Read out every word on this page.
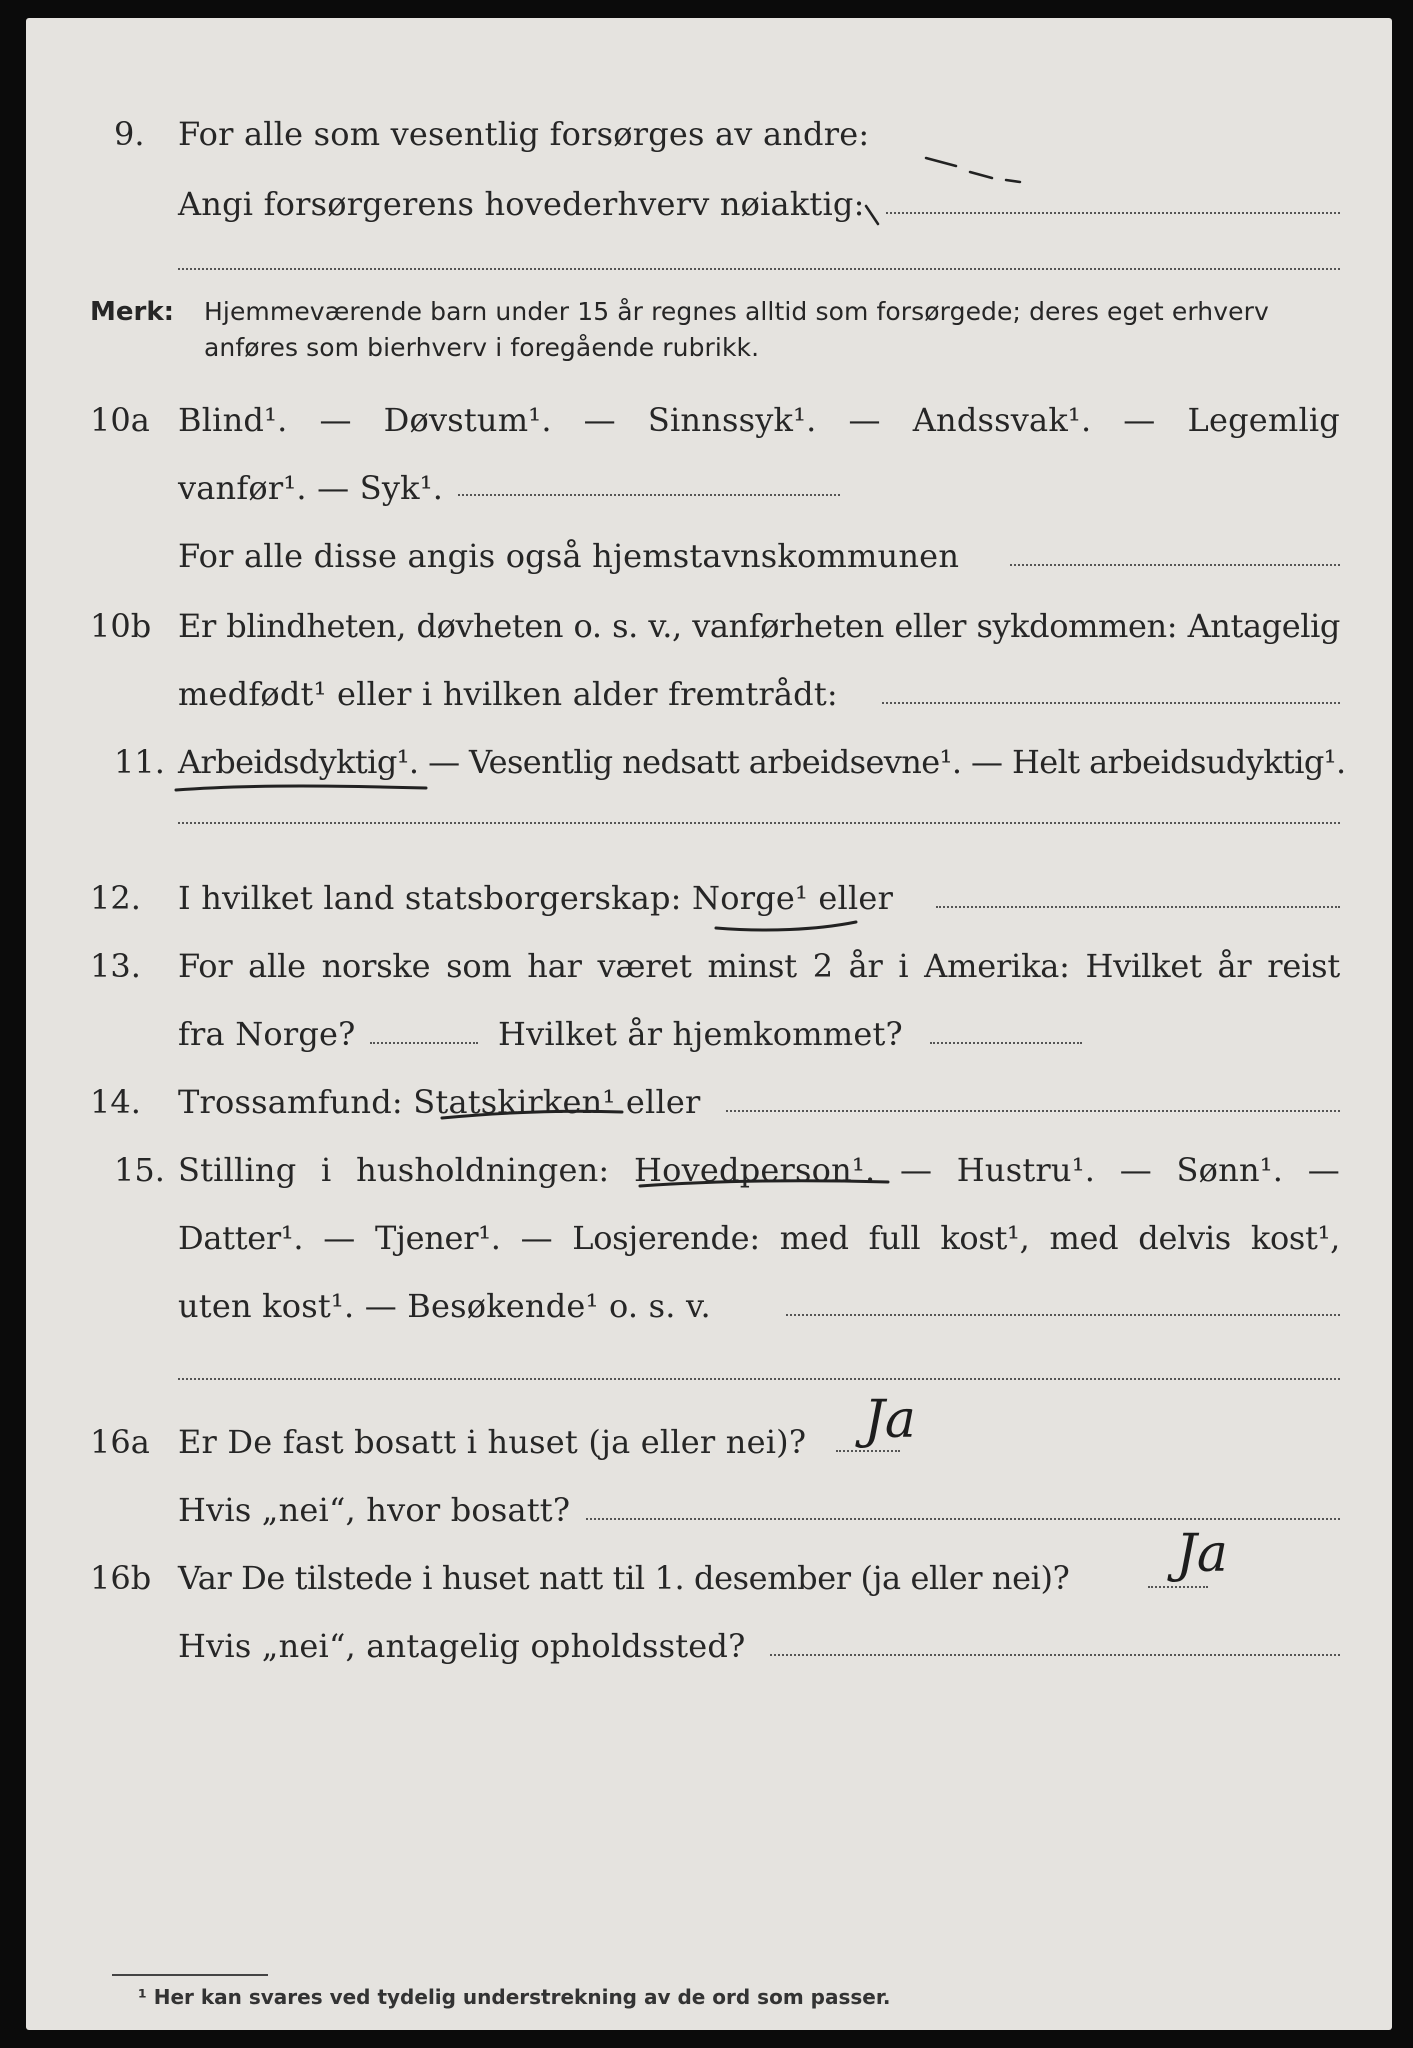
9. For alle som vesentlig forsørges av andre:
Angi forsørgerens hovederhverv nøiaktig:
Merk: Hjemmeværende barn under 15 år regnes alltid som forsørgede; deres eget erhverv anføres som bierhverv i foregående rubrikk.
10a Blind¹. — Døvstum¹. — Sinnssyk¹. — Andssvak¹. — Legemlig
vanfør¹. — Syk¹.
For alle disse angis også hjemstavnskommunen
10b Er blindheten, døvheten o. s. v., vanførheten eller sykdommen: Antagelig
medfødt¹ eller i hvilken alder fremtrådt:
11. Arbeidsdyktig¹. — Vesentlig nedsatt arbeidsevne¹. — Helt arbeidsudyktig¹.
12. I hvilket land statsborgerskap: Norge¹ eller
13. For alle norske som har været minst 2 år i Amerika: Hvilket år reist
fra Norge?	Hvilket år hjemkommet?
14. Trossamfund: Statskirken¹ eller
15. Stilling i husholdningen: Hovedperson¹. — Hustru¹. — Sønn¹. —
Datter¹. — Tjener¹. — Losjerende: med full kost¹, med delvis kost¹,
uten kost¹. — Besøkende¹ o. s. v.
16a Er De fast bosatt i huset (ja eller nei)? Ja
Hvis „nei“, hvor bosatt?
16b Var De tilstede i huset natt til 1. desember (ja eller nei)? Ja
Hvis „nei“, antagelig opholdssted?
¹ Her kan svares ved tydelig understrekning av de ord som passer.
